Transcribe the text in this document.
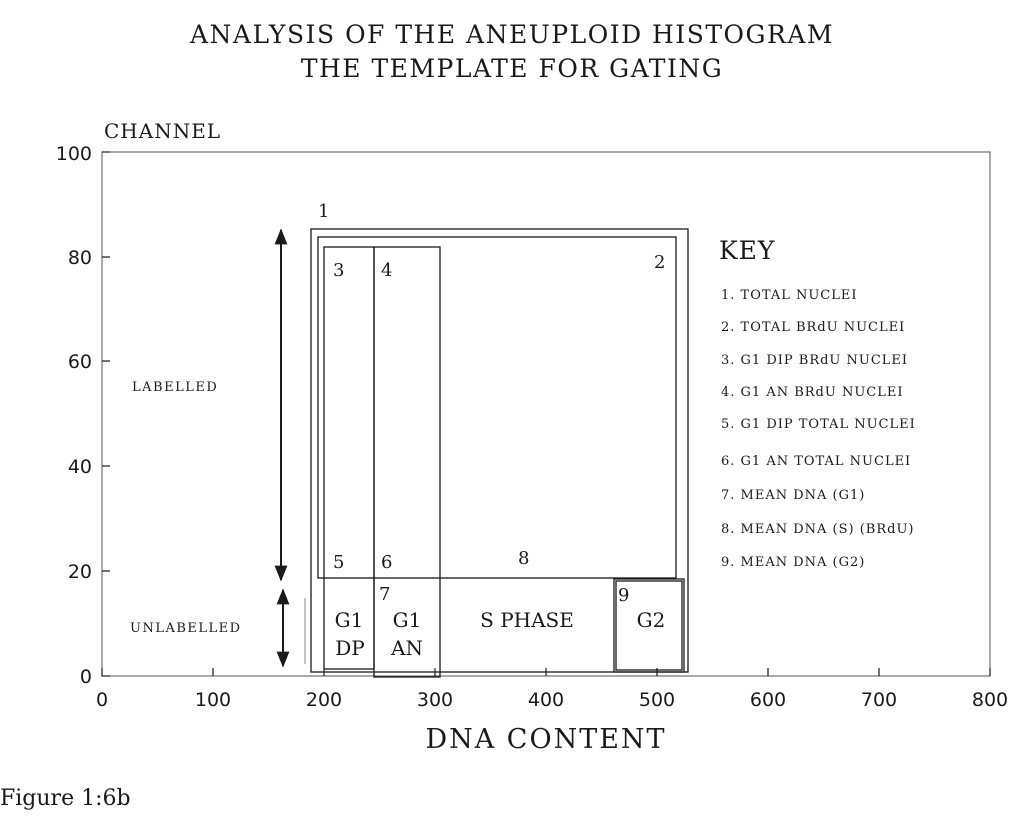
ANALYSIS OF THE ANEUPLOID HISTOGRAM
THE TEMPLATE FOR GATING
0
20
40
60
80
100
0	100	200	300	400	500	600	700	800
CHANNEL
DNA CONTENT
LABELLED
UNLABELLED
1
2
3 4
5 6
7
8
9
G1
DP
G1
AN
S PHASE	G2
KEY
1. TOTAL NUCLEI
2. TOTAL BRdU NUCLEI
3. G1 DIP BRdU NUCLEI
4. G1 AN BRdU NUCLEI
5. G1 DIP TOTAL NUCLEI
6. G1 AN TOTAL NUCLEI
7. MEAN DNA (G1)
8. MEAN DNA (S) (BRdU)
9. MEAN DNA (G2)
Figure 1:6b
